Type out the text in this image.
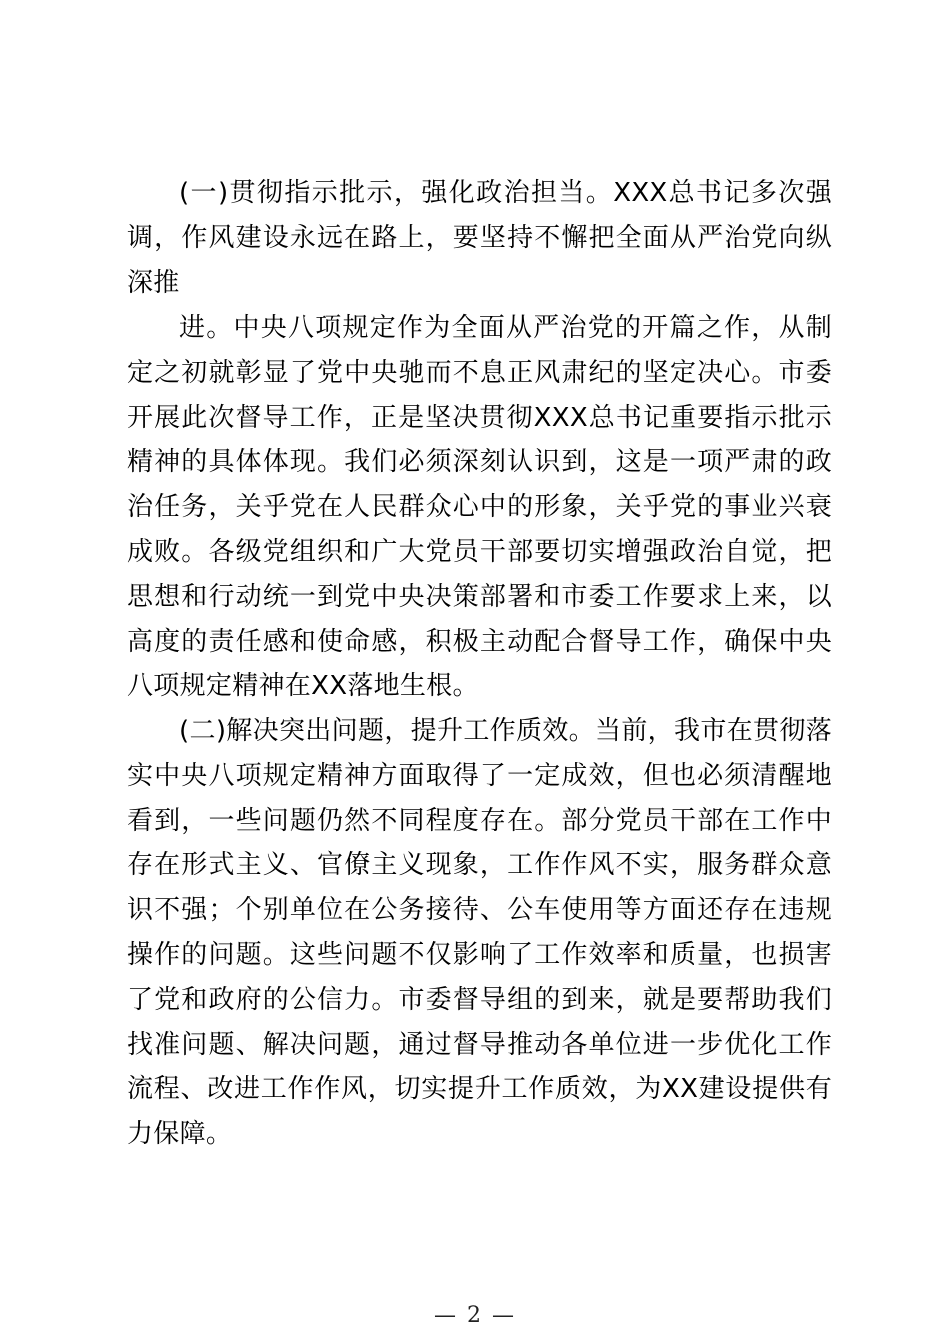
(一)贯彻指示批示，强化政治担当。XXX总书记多次强调，作风建设永远在路上，要坚持不懈把全面从严治党向纵深推

进。中央八项规定作为全面从严治党的开篇之作，从制定之初就彰显了党中央驰而不息正风肃纪的坚定决心。市委开展此次督导工作，正是坚决贯彻XXX总书记重要指示批示精神的具体体现。我们必须深刻认识到，这是一项严肃的政治任务，关乎党在人民群众心中的形象，关乎党的事业兴衰成败。各级党组织和广大党员干部要切实增强政治自觉，把思想和行动统一到党中央决策部署和市委工作要求上来，以高度的责任感和使命感，积极主动配合督导工作，确保中央八项规定精神在XX落地生根。

(二)解决突出问题，提升工作质效。当前，我市在贯彻落实中央八项规定精神方面取得了一定成效，但也必须清醒地看到，一些问题仍然不同程度存在。部分党员干部在工作中存在形式主义、官僚主义现象，工作作风不实，服务群众意识不强；个别单位在公务接待、公车使用等方面还存在违规操作的问题。这些问题不仅影响了工作效率和质量，也损害了党和政府的公信力。市委督导组的到来，就是要帮助我们找准问题、解决问题，通过督导推动各单位进一步优化工作流程、改进工作作风，切实提升工作质效，为XX建设提供有力保障。

— 2 —
